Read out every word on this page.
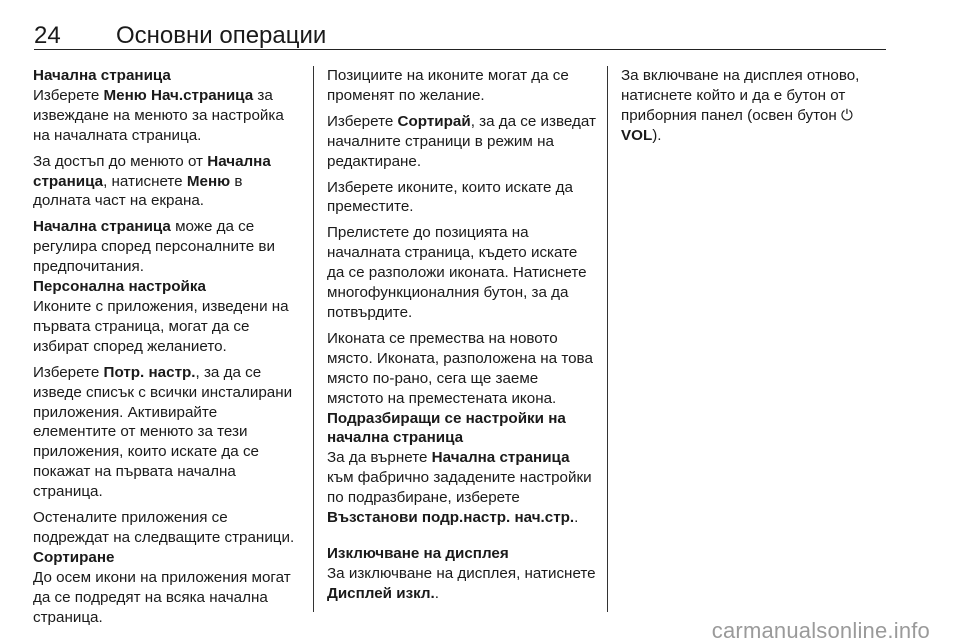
24 Основни операции

Начална страница

Изберете Меню Нач.страница за извеждане на менюто за настройка на началната страница.

За достъп до менюто от Начална страница, натиснете Меню в долната част на екрана.

Начална страница може да се регулира според персоналните ви предпочитания.

Персонална настройка

Иконите с приложения, изведени на първата страница, могат да се избират според желанието.

Изберете Потр. настр., за да се изведе списък с всички инсталирани приложения. Активирайте елементите от менюто за тези приложения, които искате да се покажат на първата начална страница.

Остеналите приложения се подреждат на следващите страници.

Сортиране

До осем икони на приложения могат да се подредят на всяка начална страница.

Позициите на иконите могат да се променят по желание.

Изберете Сортирай, за да се изведат началните страници в режим на редактиране.

Изберете иконите, които искате да преместите.

Прелистете до позицията на началната страница, където искате да се разположи иконата. Натиснете многофункционалния бутон, за да потвърдите.

Иконата се премества на новото място. Иконата, разположена на това място по-рано, сега ще заеме мястото на преместената икона.

Подразбиращи се настройки на начална страница

За да върнете Начална страница към фабрично зададените настройки по подразбиране, изберете Възстанови подр.настр. нач.стр..

Изключване на дисплея

За изключване на дисплея, натиснете Дисплей изкл..

За включване на дисплея отново, натиснете който и да е бутон от приборния панел (освен бутон ⏻ VOL).

carmanualsonline.info
